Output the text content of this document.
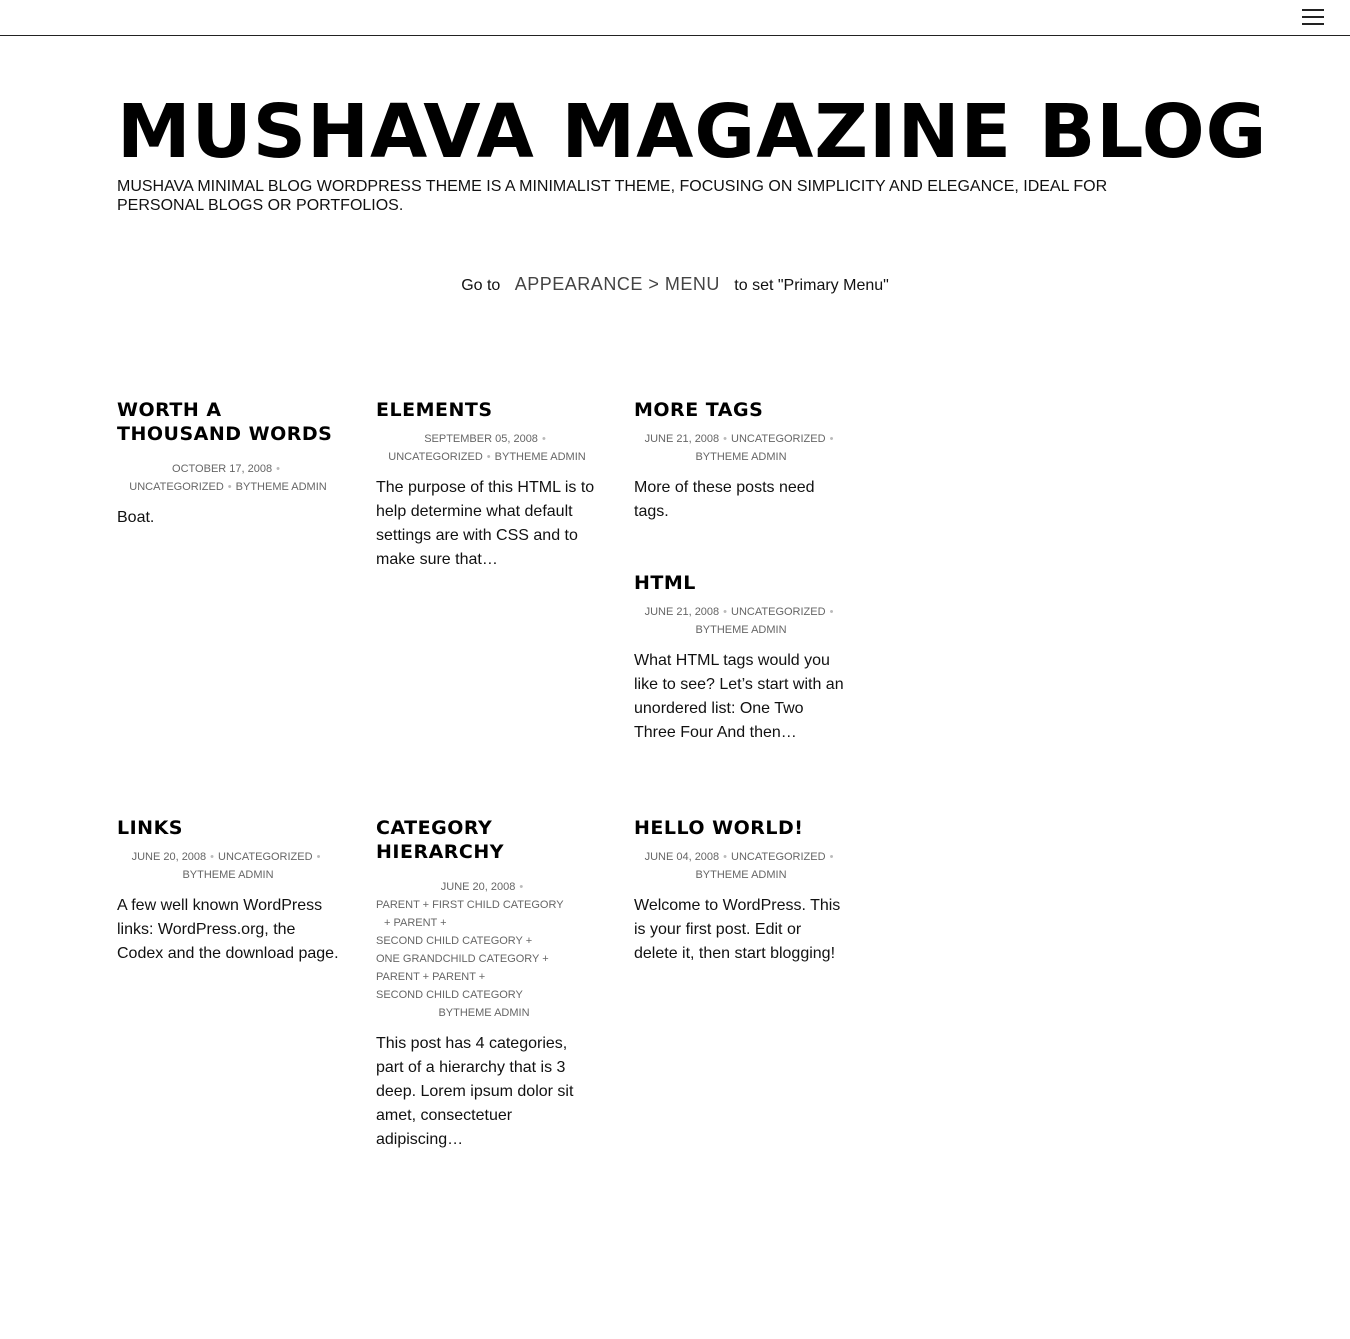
MUSHAVA MAGAZINE BLOG

MUSHAVA MINIMAL BLOG WORDPRESS THEME IS A MINIMALIST THEME, FOCUSING ON SIMPLICITY AND ELEGANCE, IDEAL FOR PERSONAL BLOGS OR PORTFOLIOS.

Go to APPEARANCE > MENU to set "Primary Menu"
WORTH A THOUSAND WORDS
OCTOBER 17, 2008 •
UNCATEGORIZED • BYTHEME ADMIN

Boat.

ELEMENTS
SEPTEMBER 05, 2008 •
UNCATEGORIZED • BYTHEME ADMIN

The purpose of this HTML is to help determine what default settings are with CSS and to make sure that…

MORE TAGS
JUNE 21, 2008 • UNCATEGORIZED •
BYTHEME ADMIN

More of these posts need tags.

HTML
JUNE 21, 2008 • UNCATEGORIZED •
BYTHEME ADMIN

What HTML tags would you like to see? Let’s start with an unordered list: One Two Three Four And then…

LINKS
JUNE 20, 2008 • UNCATEGORIZED •
BYTHEME ADMIN

A few well known WordPress links: WordPress.org, the Codex and the download page.

CATEGORY HIERARCHY
JUNE 20, 2008 •
PARENT + FIRST CHILD CATEGORY
+ PARENT +
SECOND CHILD CATEGORY +
ONE GRANDCHILD CATEGORY +
PARENT + PARENT +
SECOND CHILD CATEGORY
BYTHEME ADMIN

This post has 4 categories, part of a hierarchy that is 3 deep. Lorem ipsum dolor sit amet, consectetuer adipiscing…

HELLO WORLD!
JUNE 04, 2008 • UNCATEGORIZED •
BYTHEME ADMIN

Welcome to WordPress. This is your first post. Edit or delete it, then start blogging!
